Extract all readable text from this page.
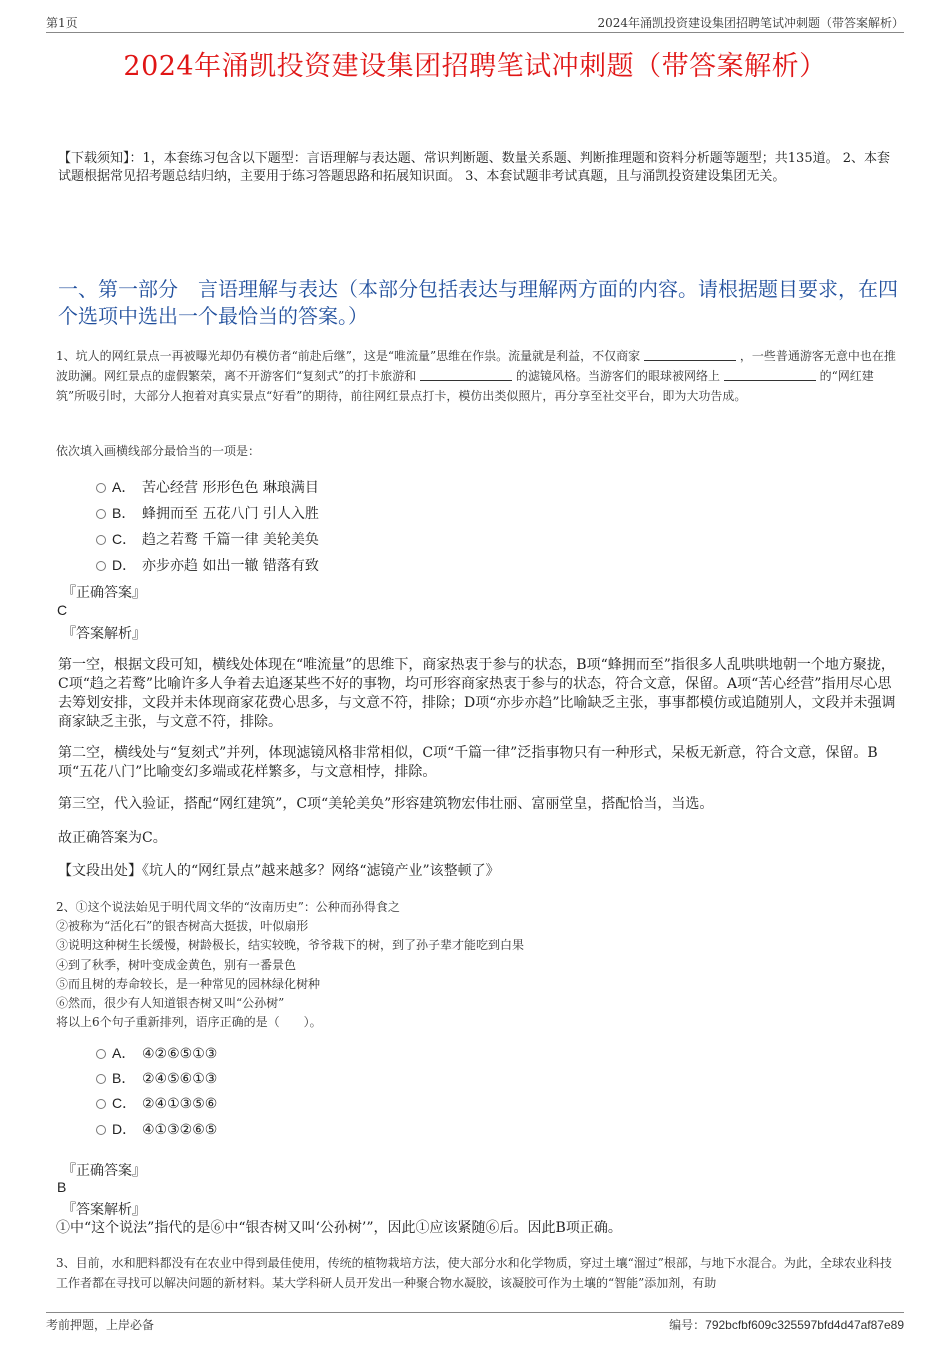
第1页	2024年涌凯投资建设集团招聘笔试冲刺题（带答案解析）
2024年涌凯投资建设集团招聘笔试冲刺题（带答案解析）
【下载须知】：1，本套练习包含以下题型：言语理解与表达题、常识判断题、数量关系题、判断推理题和资料分析题等题型；共135道。 2、本套试题根据常见招考题总结归纳，主要用于练习答题思路和拓展知识面。 3、本套试题非考试真题，且与涌凯投资建设集团无关。
一、第一部分　言语理解与表达（本部分包括表达与理解两方面的内容。请根据题目要求，在四个选项中选出一个最恰当的答案。）
1、坑人的网红景点一再被曝光却仍有模仿者“前赴后继”，这是“唯流量”思维在作祟。流量就是利益，不仅商家	，一些普通游客无意中也在推波助澜。网红景点的虚假繁荣，离不开游客们“复刻式”的打卡旅游和	的滤镜风格。当游客们的眼球被网络上	的“网红建筑”所吸引时，大部分人抱着对真实景点“好看”的期待，前往网红景点打卡，模仿出类似照片，再分享至社交平台，即为大功告成。
依次填入画横线部分最恰当的一项是：
A． 苦心经营 形形色色 琳琅满目
B． 蜂拥而至 五花八门 引人入胜
C． 趋之若鹜 千篇一律 美轮美奂
D． 亦步亦趋 如出一辙 错落有致
『正确答案』
C
『答案解析』
第一空，根据文段可知，横线处体现在“唯流量”的思维下，商家热衷于参与的状态，B项“蜂拥而至”指很多人乱哄哄地朝一个地方聚拢，C项“趋之若鹜”比喻许多人争着去追逐某些不好的事物，均可形容商家热衷于参与的状态，符合文意，保留。A项“苦心经营”指用尽心思去筹划安排，文段并未体现商家花费心思多，与文意不符，排除；D项“亦步亦趋”比喻缺乏主张，事事都模仿或追随别人，文段并未强调商家缺乏主张，与文意不符，排除。
第二空，横线处与“复刻式”并列，体现滤镜风格非常相似，C项“千篇一律”泛指事物只有一种形式，呆板无新意，符合文意，保留。B项“五花八门”比喻变幻多端或花样繁多，与文意相悖，排除。
第三空，代入验证，搭配“网红建筑”，C项“美轮美奂”形容建筑物宏伟壮丽、富丽堂皇，搭配恰当，当选。
故正确答案为C。
【文段出处】《坑人的“网红景点”越来越多？网络“滤镜产业”该整顿了》
2、①这个说法始见于明代周文华的“汝南历史”：公种而孙得食之
②被称为“活化石”的银杏树高大挺拔，叶似扇形
③说明这种树生长缓慢，树龄极长，结实较晚，爷爷栽下的树，到了孙子辈才能吃到白果
④到了秋季，树叶变成金黄色，别有一番景色
⑤而且树的寿命较长，是一种常见的园林绿化树种
⑥然而，很少有人知道银杏树又叫“公孙树”
将以上6个句子重新排列，语序正确的是（　　）。
A． ④②⑥⑤①③
B． ②④⑤⑥①③
C． ②④①③⑤⑥
D． ④①③②⑥⑤
『正确答案』
B
『答案解析』
①中“这个说法”指代的是⑥中“银杏树又叫‘公孙树’”，因此①应该紧随⑥后。因此B项正确。
3、目前，水和肥料都没有在农业中得到最佳使用，传统的植物栽培方法，使大部分水和化学物质，穿过土壤“溜过”根部，与地下水混合。为此，全球农业科技工作者都在寻找可以解决问题的新材料。某大学科研人员开发出一种聚合物水凝胶，该凝胶可作为土壤的“智能”添加剂，有助
考前押题，上岸必备	编号：792bcfbf609c325597bfd4d47af87e89
